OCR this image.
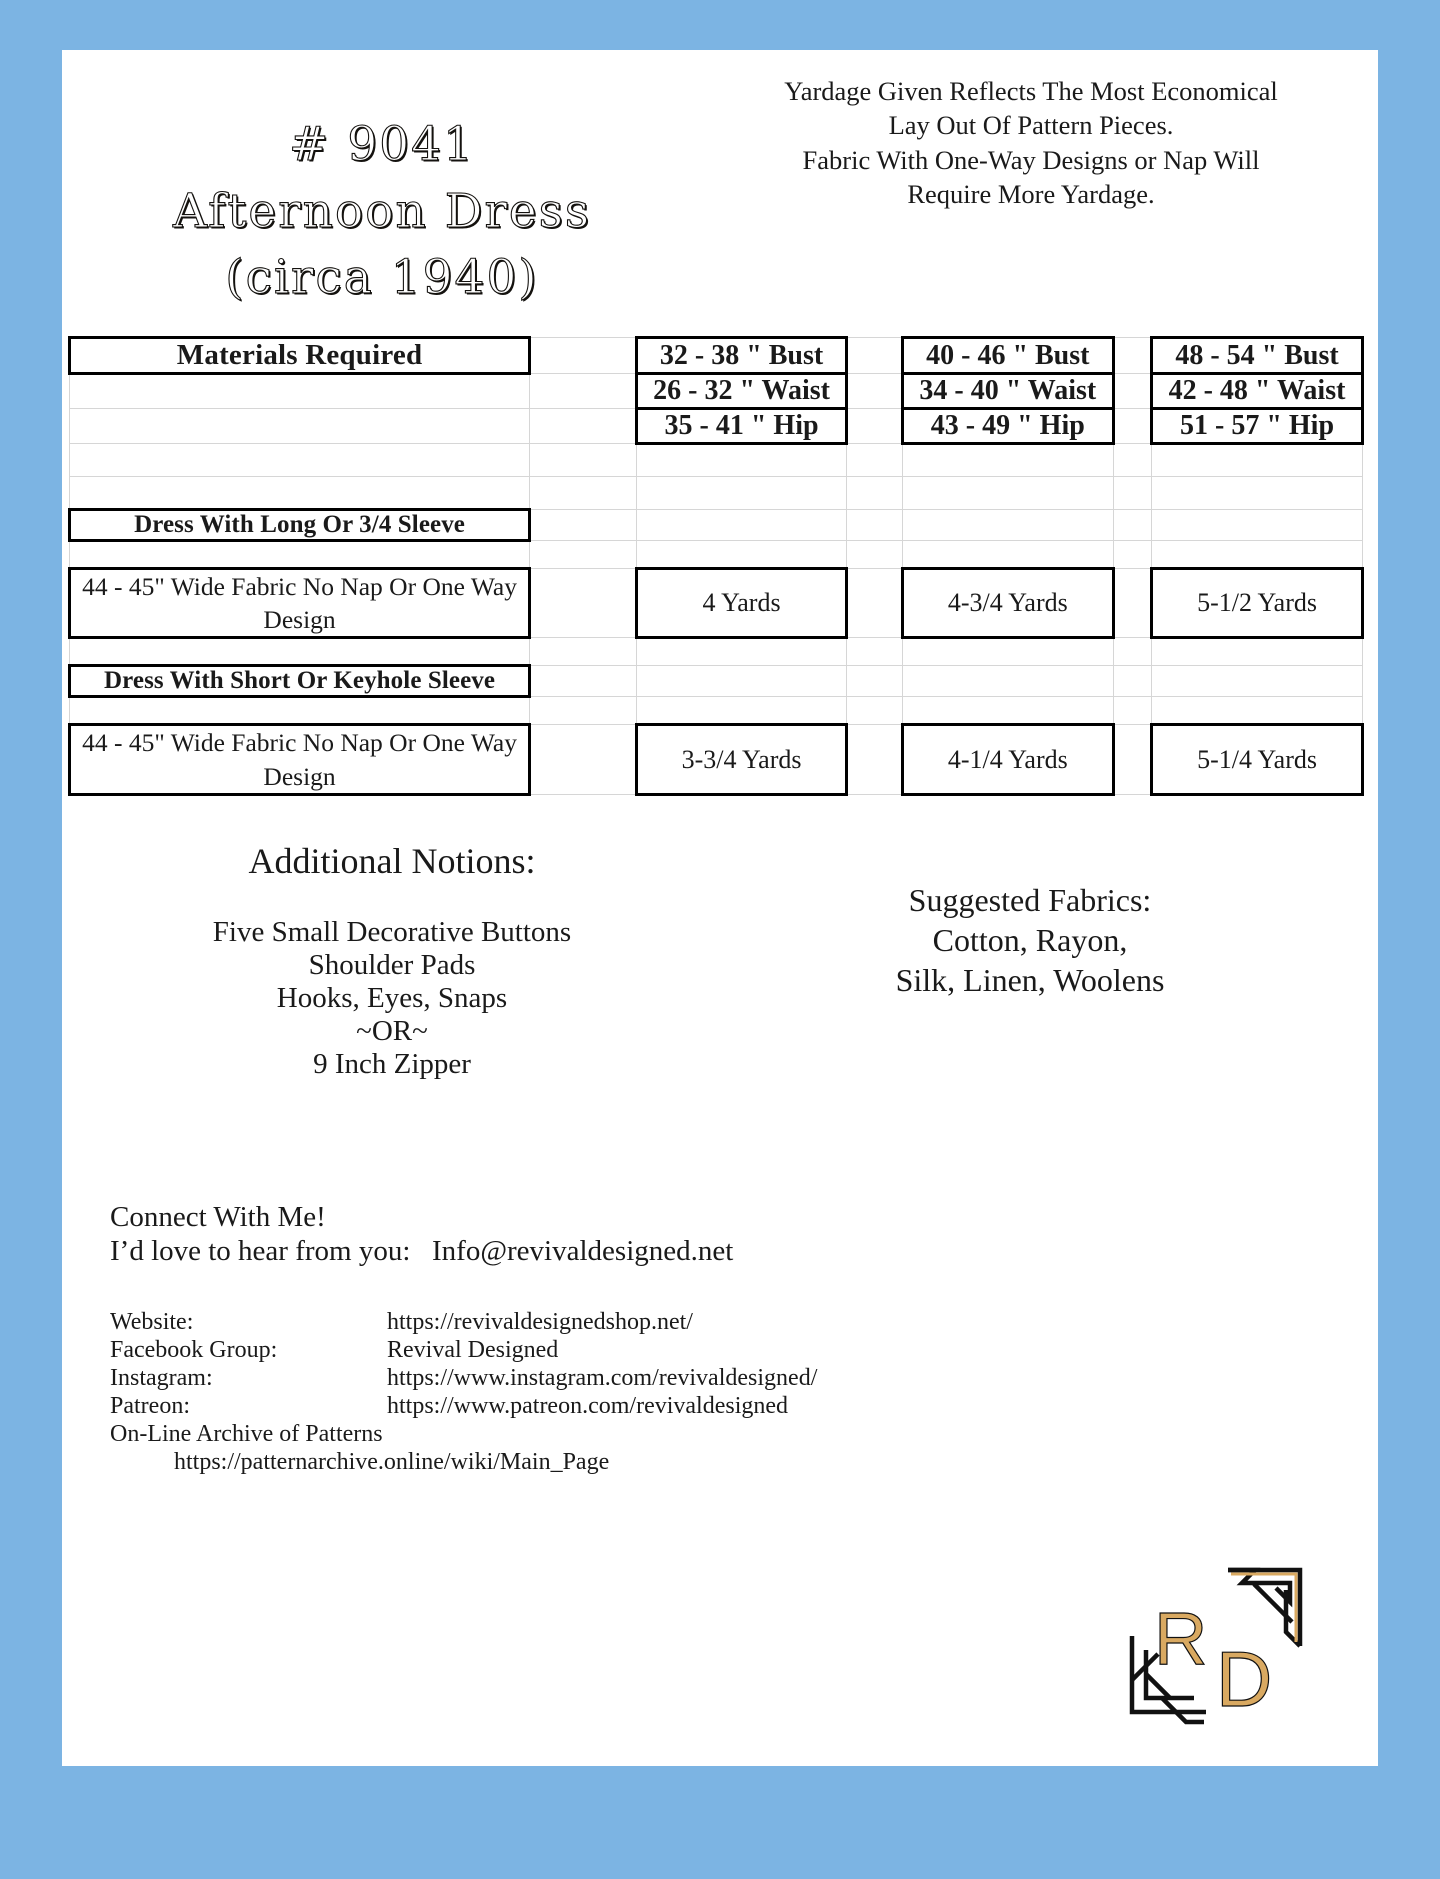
# 9041
Afternoon Dress
(circa 1940)
Yardage Given Reflects The Most Economical
Lay Out Of Pattern Pieces.
Fabric With One-Way Designs or Nap Will
Require More Yardage.
Materials Required		32 - 38 " Bust		40 - 46 " Bust		48 - 54 " Bust
		26 - 32 " Waist		34 - 40 " Waist		42 - 48 " Waist
		35 - 41 " Hip		43 - 49 " Hip		51 - 57 " Hip

Dress With Long Or 3/4 Sleeve						

44 - 45" Wide Fabric No Nap Or One Way Design		4 Yards		4-3/4 Yards		5-1/2 Yards

Dress With Short Or Keyhole Sleeve						

44 - 45" Wide Fabric No Nap Or One Way Design		3-3/4 Yards		4-1/4 Yards		5-1/4 Yards
Additional Notions:

Five Small Decorative Buttons

Shoulder Pads

Hooks, Eyes, Snaps

~OR~

9 Inch Zipper

Suggested Fabrics:
Cotton, Rayon,
Silk, Linen, Woolens
Connect With Me!
I’d love to hear from you: Info@revivaldesigned.net
Website:	https://revivaldesignedshop.net/
Facebook Group:	Revival Designed
Instagram:	https://www.instagram.com/revivaldesigned/
Patreon:	https://www.patreon.com/revivaldesigned
On-Line Archive of Patterns
https://patternarchive.online/wiki/Main_Page
R D
